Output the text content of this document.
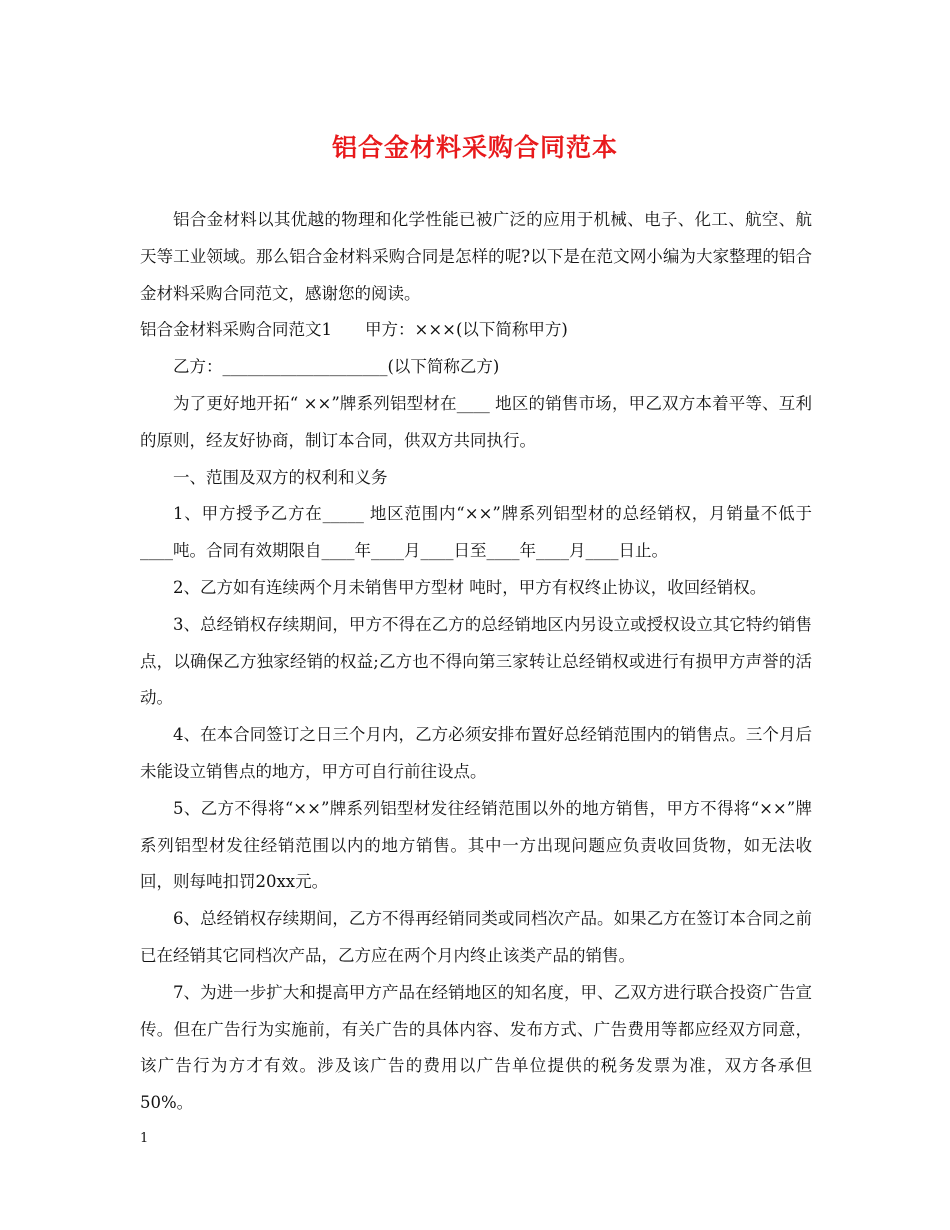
铝合金材料采购合同范本

铝合金材料以其优越的物理和化学性能已被广泛的应用于机械、电子、化工、航空、航天等工业领域。那么铝合金材料采购合同是怎样的呢?以下是在范文网小编为大家整理的铝合金材料采购合同范文，感谢您的阅读。

铝合金材料采购合同范文1 甲方：×××(以下简称甲方)

乙方：____________________(以下简称乙方)

为了更好地开拓“ ××”牌系列铝型材在____ 地区的销售市场，甲乙双方本着平等、互利的原则，经友好协商，制订本合同，供双方共同执行。

一、范围及双方的权利和义务

1、甲方授予乙方在_____ 地区范围内“××”牌系列铝型材的总经销权，月销量不低于____吨。合同有效期限自____年____月____日至____年____月____日止。

2、乙方如有连续两个月未销售甲方型材 吨时，甲方有权终止协议，收回经销权。

3、总经销权存续期间，甲方不得在乙方的总经销地区内另设立或授权设立其它特约销售点，以确保乙方独家经销的权益;乙方也不得向第三家转让总经销权或进行有损甲方声誉的活动。

4、在本合同签订之日三个月内，乙方必须安排布置好总经销范围内的销售点。三个月后未能设立销售点的地方，甲方可自行前往设点。

5、乙方不得将“××”牌系列铝型材发往经销范围以外的地方销售，甲方不得将“××”牌系列铝型材发往经销范围以内的地方销售。其中一方出现问题应负责收回货物，如无法收回，则每吨扣罚20xx元。

6、总经销权存续期间，乙方不得再经销同类或同档次产品。如果乙方在签订本合同之前已在经销其它同档次产品，乙方应在两个月内终止该类产品的销售。

7、为进一步扩大和提高甲方产品在经销地区的知名度，甲、乙双方进行联合投资广告宣传。但在广告行为实施前，有关广告的具体内容、发布方式、广告费用等都应经双方同意，该广告行为方才有效。涉及该广告的费用以广告单位提供的税务发票为准，双方各承但50%。

1
